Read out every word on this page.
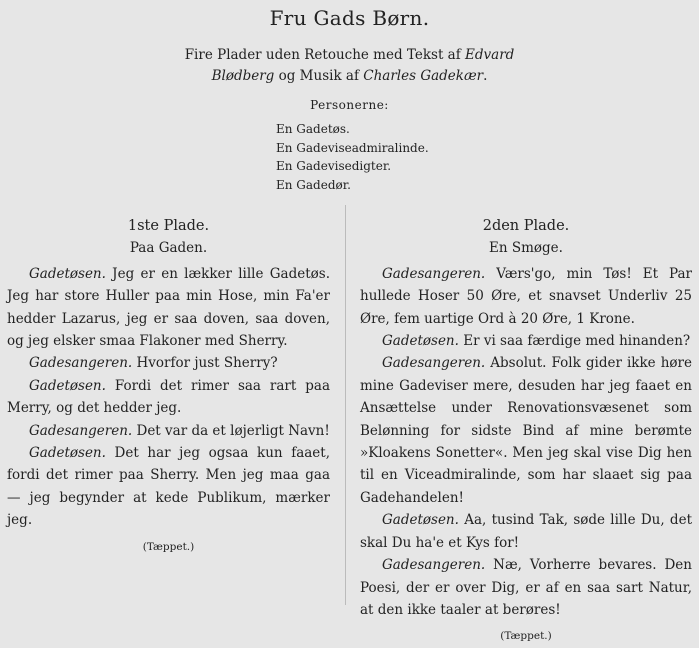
Fru Gads Børn.
Fire Plader uden Retouche med Tekst af Edvard
Blødberg og Musik af Charles Gadekær.
Personerne:
En Gadetøs.
En Gadeviseadmiralinde.
En Gadevisedigter.
En Gadedør.
1ste Plade.
Paa Gaden.
Gadetøsen. Jeg er en lækker lille Gadetøs. Jeg har store Huller paa min Hose, min Fa'er hedder Lazarus, jeg er saa doven, saa doven, og jeg elsker smaa Flakoner med Sherry.
Gadesangeren. Hvorfor just Sherry?
Gadetøsen. Fordi det rimer saa rart paa Merry, og det hedder jeg.
Gadesangeren. Det var da et løjerligt Navn!
Gadetøsen. Det har jeg ogsaa kun faaet, fordi det rimer paa Sherry. Men jeg maa gaa — jeg begynder at kede Publikum, mærker jeg.
(Tæppet.)
2den Plade.
En Smøge.
Gadesangeren. Værs'go, min Tøs! Et Par hullede Hoser 50 Øre, et snavset Underliv 25 Øre, fem uartige Ord à 20 Øre, 1 Krone.
Gadetøsen. Er vi saa færdige med hinanden?
Gadesangeren. Absolut. Folk gider ikke høre mine Gadeviser mere, desuden har jeg faaet en Ansættelse under Renovationsvæsenet som Belønning for sidste Bind af mine berømte »Kloakens Sonetter«. Men jeg skal vise Dig hen til en Viceadmiralinde, som har slaaet sig paa Gadehandelen!
Gadetøsen. Aa, tusind Tak, søde lille Du, det skal Du ha'e et Kys for!
Gadesangeren. Næ, Vorherre bevares. Den Poesi, der er over Dig, er af en saa sart Natur, at den ikke taaler at berøres!
(Tæppet.)
